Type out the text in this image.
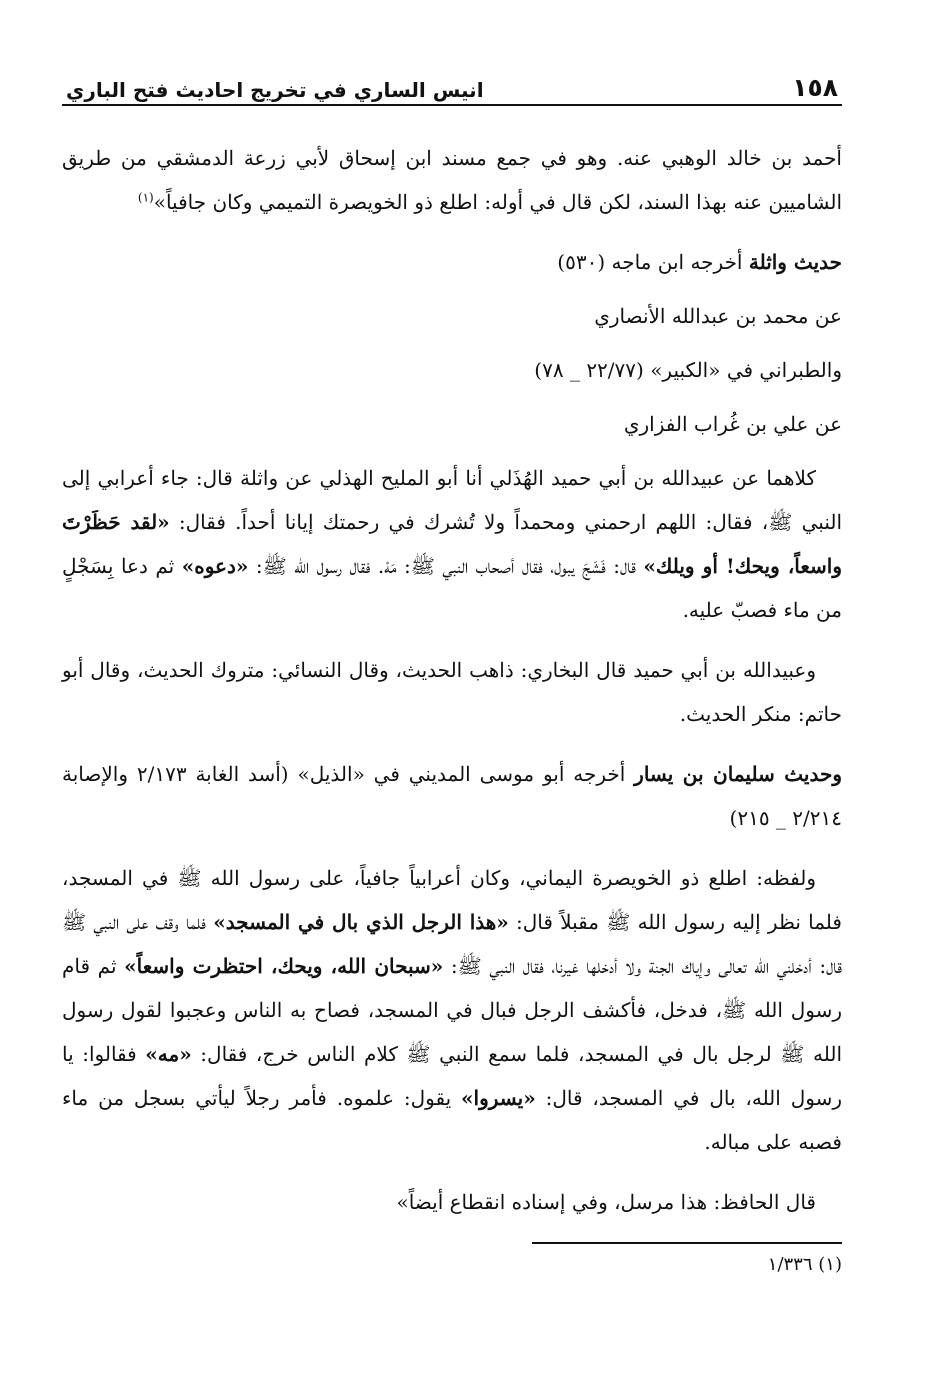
١٥٨
انيس الساري في تخريج احاديث فتح الباري

أحمد بن خالد الوهبي عنه. وهو في جمع مسند ابن إسحاق لأبي زرعة الدمشقي من طريق الشاميين عنه بهذا السند، لكن قال في أوله: اطلع ذو الخويصرة التميمي وكان جافياً»$^{(١)}$

حديث واثلة أخرجه ابن ماجه (٥٣٠)

عن محمد بن عبدالله الأنصاري

والطبراني في «الكبير» (٢٢/٧٧ _ ٧٨)

عن علي بن غُراب الفزاري

كلاهما عن عبيدالله بن أبي حميد الهُذَلي أنا أبو المليح الهذلي عن واثلة قال: جاء أعرابي إلى النبي ﷺ، فقال: اللهم ارحمني ومحمداً ولا تُشرك في رحمتك إيانا أحداً. فقال: «لقد حَظَرْتَ واسعاً، ويحك! أو ويلك» قال: فَشَجَ يبول، فقال أصحاب النبي ﷺ: مَهْ. فقال رسول الله ﷺ: «دعوه» ثم دعا بِسَجْلٍ من ماء فصبّ عليه.

وعبيدالله بن أبي حميد قال البخاري: ذاهب الحديث، وقال النسائي: متروك الحديث، وقال أبو حاتم: منكر الحديث.

وحديث سليمان بن يسار أخرجه أبو موسى المديني في «الذيل» (أسد الغابة ٢/١٧٣ والإصابة ٢/٢١٤ _ ٢١٥)

ولفظه: اطلع ذو الخويصرة اليماني، وكان أعرابياً جافياً، على رسول الله ﷺ في المسجد، فلما نظر إليه رسول الله ﷺ مقبلاً قال: «هذا الرجل الذي بال في المسجد» فلما وقف على النبي ﷺ قال: أدخلني الله تعالى وإياك الجنة ولا أدخلها غيرنا، فقال النبي ﷺ: «سبحان الله، ويحك، احتظرت واسعاً» ثم قام رسول الله ﷺ، فدخل، فأكشف الرجل فبال في المسجد، فصاح به الناس وعجبوا لقول رسول الله ﷺ لرجل بال في المسجد، فلما سمع النبي ﷺ كلام الناس خرج، فقال: «مه» فقالوا: يا رسول الله، بال في المسجد، قال: «يسروا» يقول: علموه. فأمر رجلاً ليأتي بسجل من ماء فصبه على مباله.

قال الحافظ: هذا مرسل، وفي إسناده انقطاع أيضاً»

(١) ١/٣٣٦
